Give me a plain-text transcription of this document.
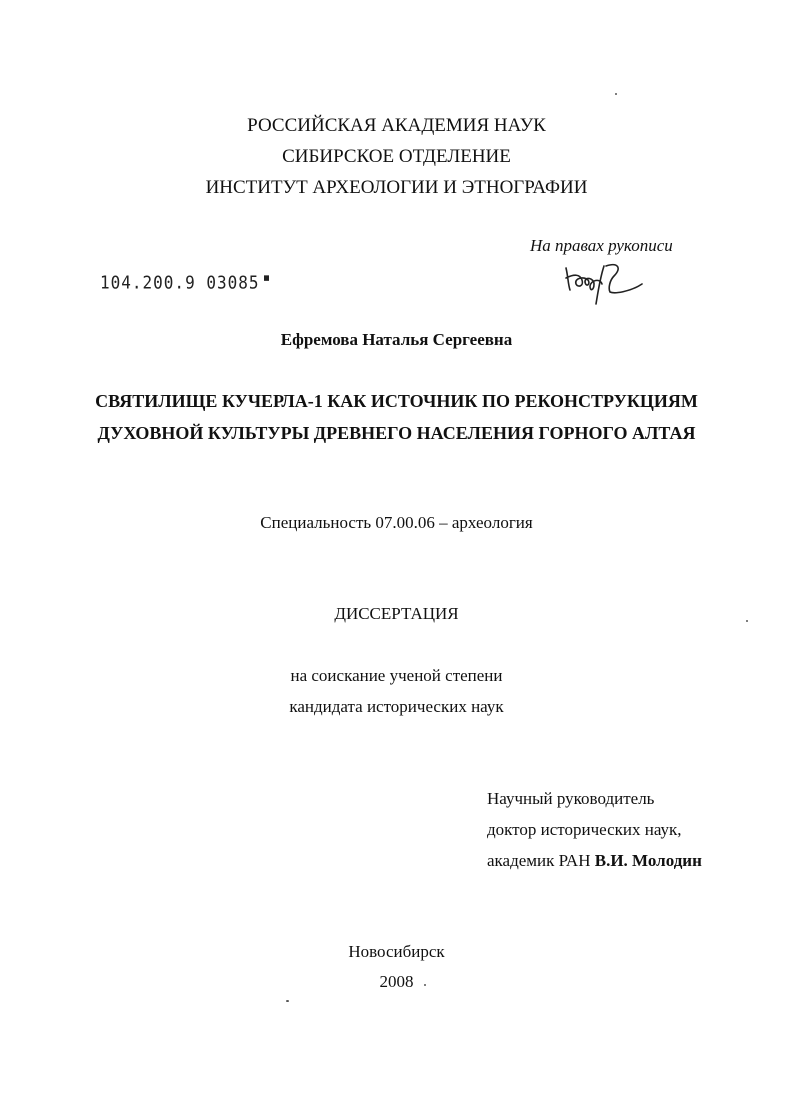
РОССИЙСКАЯ АКАДЕМИЯ НАУК
СИБИРСКОЕ ОТДЕЛЕНИЕ
ИНСТИТУТ АРХЕОЛОГИИ И ЭТНОГРАФИИ
На правах рукописи
104.200.9 03085
Ефремова Наталья Сергеевна
СВЯТИЛИЩЕ КУЧЕРЛА-1 КАК ИСТОЧНИК ПО РЕКОНСТРУКЦИЯМ
ДУХОВНОЙ КУЛЬТУРЫ ДРЕВНЕГО НАСЕЛЕНИЯ ГОРНОГО АЛТАЯ
Специальность 07.00.06 – археология
ДИССЕРТАЦИЯ
на соискание ученой степени
кандидата исторических наук
Научный руководитель
доктор исторических наук,
академик РАН В.И. Молодин
Новосибирск
2008
